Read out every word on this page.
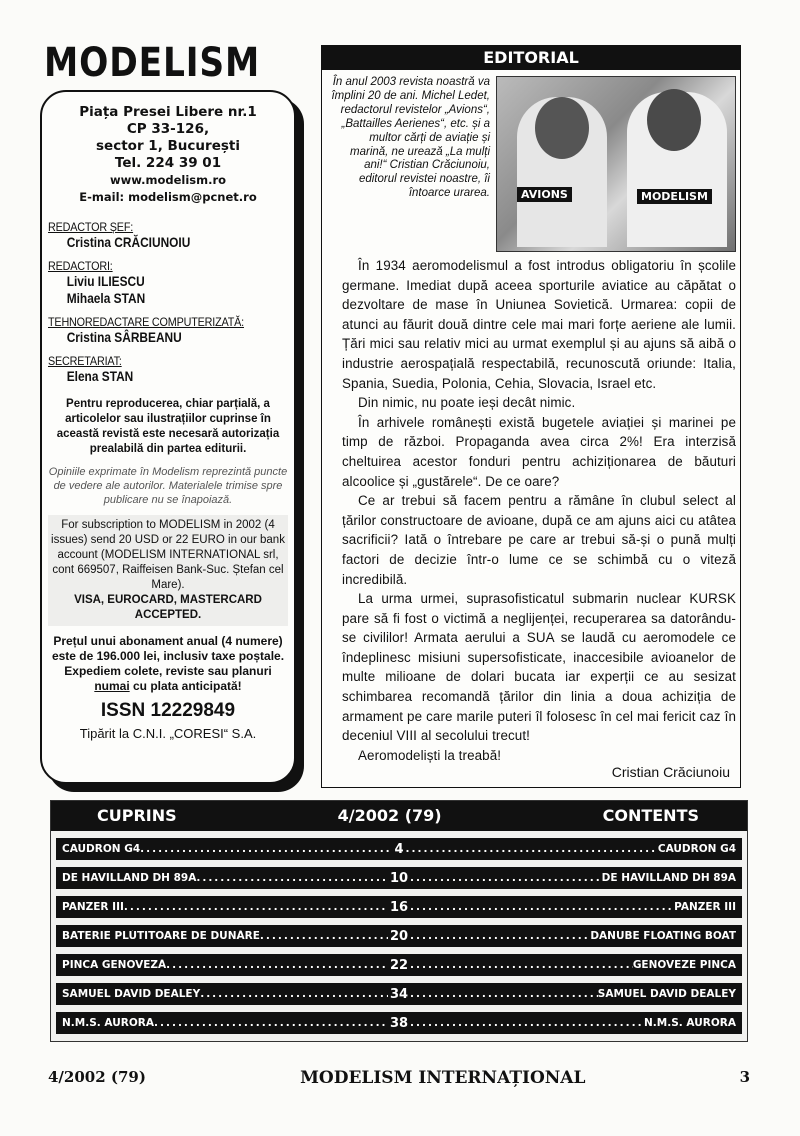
MODELISM
Piața Presei Libere nr.1
CP 33-126,
sector 1, București
Tel. 224 39 01
www.modelism.ro
E-mail: modelism@pcnet.ro
REDACTOR ȘEF:
Cristina CRĂCIUNOIU
REDACTORI:
Liviu ILIESCU
Mihaela STAN
TEHNOREDACTARE COMPUTERIZATĂ:
Cristina SÂRBEANU
SECRETARIAT:
Elena STAN
Pentru reproducerea, chiar parțială, a articolelor sau ilustrațiilor cuprinse în această revistă este necesară autorizația prealabilă din partea editurii.
Opiniile exprimate în Modelism reprezintă puncte de vedere ale autorilor. Materialele trimise spre publicare nu se înapoiază.
For subscription to MODELISM in 2002 (4 issues) send 20 USD or 22 EURO in our bank account (MODELISM INTERNATIONAL srl, cont 669507, Raiffeisen Bank-Suc. Ștefan cel Mare).
VISA, EUROCARD, MASTERCARD ACCEPTED.
Prețul unui abonament anual (4 numere) este de 196.000 lei, inclusiv taxe poștale. Expediem colete, reviste sau planuri numai cu plata anticipată!
ISSN 12229849
Tipărit la C.N.I. „CORESI“ S.A.
EDITORIAL
În anul 2003 revista noastră va împlini 20 de ani. Michel Ledet, redactorul revistelor „Avions“, „Battailles Aerienes“, etc. și a multor cărți de aviație și marină, ne urează „La mulți ani!“ Cristian Crăciunoiu, editorul revistei noastre, îi întoarce urarea.	AVIONS	MODELISM

În 1934 aeromodelismul a fost introdus obligatoriu în școlile germane. Imediat după aceea sporturile aviatice au căpătat o dezvoltare de mase în Uniunea Sovietică. Urmarea: copii de atunci au făurit două dintre cele mai mari forțe aeriene ale lumii. Țări mici sau relativ mici au urmat exemplul și au ajuns să aibă o industrie aerospațială respectabilă, recunoscută oriunde: Italia, Spania, Suedia, Polonia, Cehia, Slovacia, Israel etc.

Din nimic, nu poate ieși decât nimic.

În arhivele românești există bugetele aviației și marinei pe timp de război. Propaganda avea circa 2%! Era interzisă cheltuirea acestor fonduri pentru achiziționarea de băuturi alcoolice și „gustărele“. De ce oare?

Ce ar trebui să facem pentru a rămâne în clubul select al țărilor constructoare de avioane, după ce am ajuns aici cu atâtea sacrificii? Iată o întrebare pe care ar trebui să-și o pună mulți factori de decizie într-o lume ce se schimbă cu o viteză incredibilă.

La urma urmei, suprasofisticatul submarin nuclear KURSK pare să fi fost o victimă a neglijenței, recuperarea sa datorându-se civililor! Armata aerului a SUA se laudă cu aeromodele ce îndeplinesc misiuni supersofisticate, inaccesibile avioanelor de multe milioane de dolari bucata iar experții ce au sesizat schimbarea recomandă țărilor din linia a doua achiziția de armament pe care marile puteri îl folosesc în cel mai fericit caz în deceniul VIII al secolului trecut!

Aeromodeliști la treabă!

Cristian Crăciunoiu
CUPRINS	4/2002 (79)	CONTENTS
CAUDRON G4 .....	4 .....	CAUDRON G4
DE HAVILLAND DH 89A .....	10 .....	DE HAVILLAND DH 89A
PANZER III .....	16 .....	PANZER III
BATERIE PLÚTITOARE DE DUNĂRE .....	20 .....	DANUBE FLOATING BOAT
PINCA GENOVEZĂ .....	22 .....	GENOVEZE PINCA
SAMUEL DAVID DEALEY .....	34 .....	SAMUEL DAVID DEALEY
N.M.S. AURORA .....	38 .....	N.M.S. AURORA
4/2002 (79)	MODELISM INTERNAȚIONAL	3
